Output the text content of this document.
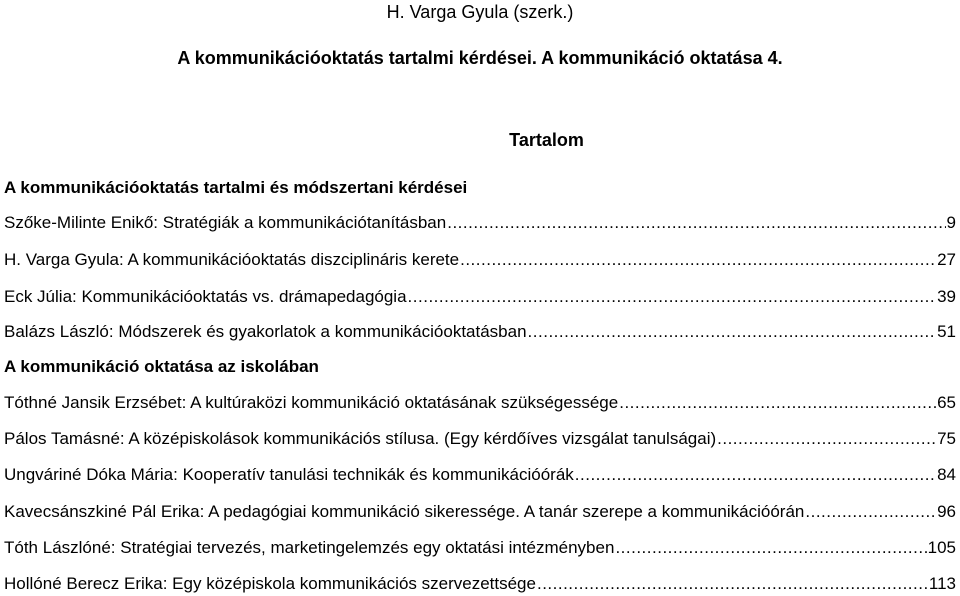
H. Varga Gyula (szerk.)
A kommunikációoktatás tartalmi kérdései. A kommunikáció oktatása 4.
Tartalom
A kommunikációoktatás tartalmi és módszertani kérdései
Szőke-Milinte Enikő: Stratégiák a kommunikációtanításban .....	9
H. Varga Gyula: A kommunikációoktatás diszciplináris kerete .....	27
Eck Júlia: Kommunikációoktatás vs. drámapedagógia .....	39
Balázs László: Módszerek és gyakorlatok a kommunikációoktatásban .....	51
A kommunikáció oktatása az iskolában
Tóthné Jansik Erzsébet: A kultúraközi kommunikáció oktatásának szükségessége .....	65
Pálos Tamásné: A középiskolások kommunikációs stílusa. (Egy kérdőíves vizsgálat tanulságai) .....	75
Ungváriné Dóka Mária: Kooperatív tanulási technikák és kommunikációórák .....	84
Kavecsánszkiné Pál Erika: A pedagógiai kommunikáció sikeressége. A tanár szerepe a kommunikációórán .....	96
Tóth Lászlóné: Stratégiai tervezés, marketingelemzés egy oktatási intézményben .....	105
Hollóné Berecz Erika: Egy középiskola kommunikációs szervezettsége .....	113
